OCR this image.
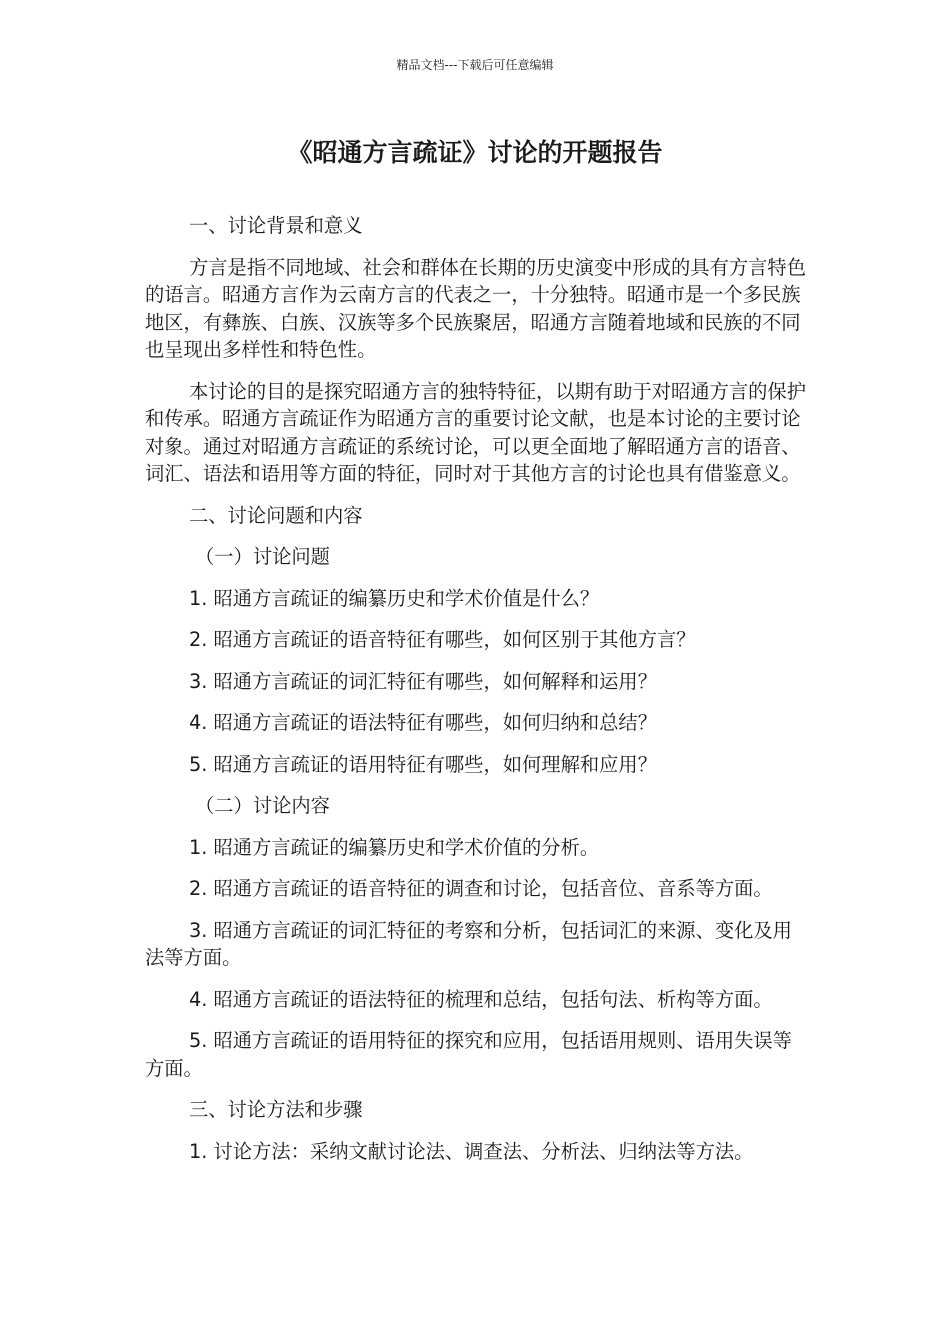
精品文档---下载后可任意编辑
《昭通方言疏证》讨论的开题报告

一、讨论背景和意义

方言是指不同地域、社会和群体在长期的历史演变中形成的具有方言特色的语言。昭通方言作为云南方言的代表之一，十分独特。昭通市是一个多民族地区，有彝族、白族、汉族等多个民族聚居，昭通方言随着地域和民族的不同也呈现出多样性和特色性。

本讨论的目的是探究昭通方言的独特特征，以期有助于对昭通方言的保护和传承。昭通方言疏证作为昭通方言的重要讨论文献，也是本讨论的主要讨论对象。通过对昭通方言疏证的系统讨论，可以更全面地了解昭通方言的语音、词汇、语法和语用等方面的特征，同时对于其他方言的讨论也具有借鉴意义。

二、讨论问题和内容

（一）讨论问题

1. 昭通方言疏证的编纂历史和学术价值是什么？

2. 昭通方言疏证的语音特征有哪些，如何区别于其他方言？

3. 昭通方言疏证的词汇特征有哪些，如何解释和运用？

4. 昭通方言疏证的语法特征有哪些，如何归纳和总结？

5. 昭通方言疏证的语用特征有哪些，如何理解和应用？

（二）讨论内容

1. 昭通方言疏证的编纂历史和学术价值的分析。

2. 昭通方言疏证的语音特征的调查和讨论，包括音位、音系等方面。

3. 昭通方言疏证的词汇特征的考察和分析，包括词汇的来源、变化及用法等方面。

4. 昭通方言疏证的语法特征的梳理和总结，包括句法、析构等方面。

5. 昭通方言疏证的语用特征的探究和应用，包括语用规则、语用失误等方面。

三、讨论方法和步骤

1. 讨论方法：采纳文献讨论法、调查法、分析法、归纳法等方法。
